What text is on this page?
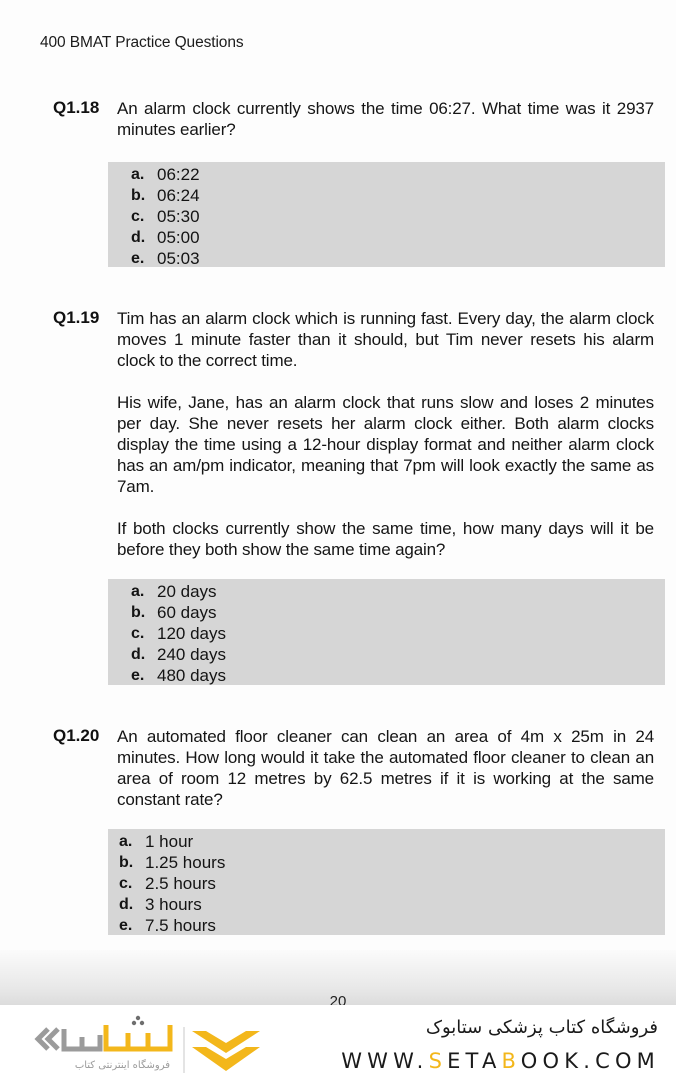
400 BMAT Practice Questions
Q1.18 An alarm clock currently shows the time 06:27. What time was it 2937 minutes earlier?

a. 06:22
b. 06:24
c. 05:30
d. 05:00
e. 05:03
Q1.19 Tim has an alarm clock which is running fast. Every day, the alarm clock moves 1 minute faster than it should, but Tim never resets his alarm clock to the correct time.

His wife, Jane, has an alarm clock that runs slow and loses 2 minutes per day. She never resets her alarm clock either. Both alarm clocks display the time using a 12-hour display format and neither alarm clock has an am/pm indicator, meaning that 7pm will look exactly the same as 7am.

If both clocks currently show the same time, how many days will it be before they both show the same time again?

a. 20 days
b. 60 days
c. 120 days
d. 240 days
e. 480 days
Q1.20 An automated floor cleaner can clean an area of 4m x 25m in 24 minutes. How long would it take the automated floor cleaner to clean an area of room 12 metres by 62.5 metres if it is working at the same constant rate?

a. 1 hour
b. 1.25 hours
c. 2.5 hours
d. 3 hours
e. 7.5 hours
20
فروشگاه اینترنتی کتاب
فروشگاه کتاب پزشکی ستابوک
WWW.SETABOOK.COM
